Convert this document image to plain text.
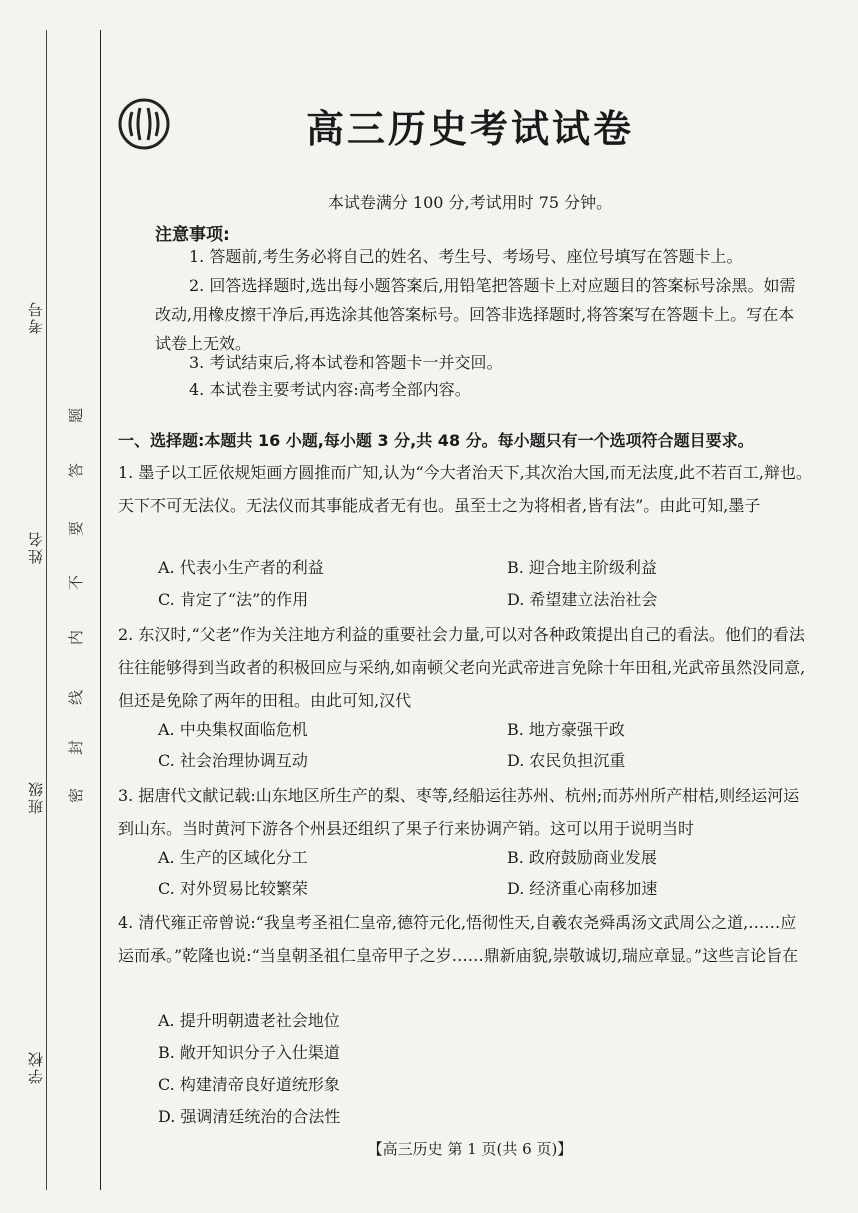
考号
姓名
班级
学校
密
封
线
内
不
要
答
题
高三历史考试试卷
本试卷满分 100 分,考试用时 75 分钟。
注意事项:
1. 答题前,考生务必将自己的姓名、考生号、考场号、座位号填写在答题卡上。
2. 回答选择题时,选出每小题答案后,用铅笔把答题卡上对应题目的答案标号涂黑。如需改动,用橡皮擦干净后,再选涂其他答案标号。回答非选择题时,将答案写在答题卡上。写在本试卷上无效。
3. 考试结束后,将本试卷和答题卡一并交回。
4. 本试卷主要考试内容:高考全部内容。
一、选择题:本题共 16 小题,每小题 3 分,共 48 分。每小题只有一个选项符合题目要求。
1. 墨子以工匠依规矩画方圆推而广知,认为“今大者治天下,其次治大国,而无法度,此不若百工,辩也。天下不可无法仪。无法仪而其事能成者无有也。虽至士之为将相者,皆有法”。由此可知,墨子
A. 代表小生产者的利益	B. 迎合地主阶级利益
C. 肯定了“法”的作用	D. 希望建立法治社会
2. 东汉时,“父老”作为关注地方利益的重要社会力量,可以对各种政策提出自己的看法。他们的看法往往能够得到当政者的积极回应与采纳,如南顿父老向光武帝进言免除十年田租,光武帝虽然没同意,但还是免除了两年的田租。由此可知,汉代
A. 中央集权面临危机	B. 地方豪强干政
C. 社会治理协调互动	D. 农民负担沉重
3. 据唐代文献记载:山东地区所生产的梨、枣等,经船运往苏州、杭州;而苏州所产柑桔,则经运河运到山东。当时黄河下游各个州县还组织了果子行来协调产销。这可以用于说明当时
A. 生产的区域化分工	B. 政府鼓励商业发展
C. 对外贸易比较繁荣	D. 经济重心南移加速
4. 清代雍正帝曾说:“我皇考圣祖仁皇帝,德符元化,悟彻性天,自羲农尧舜禹汤文武周公之道,……应运而承。”乾隆也说:“当皇朝圣祖仁皇帝甲子之岁……鼎新庙貌,崇敬诚切,瑞应章显。”这些言论旨在
A. 提升明朝遗老社会地位
B. 敞开知识分子入仕渠道
C. 构建清帝良好道统形象
D. 强调清廷统治的合法性
【高三历史 第 1 页(共 6 页)】
